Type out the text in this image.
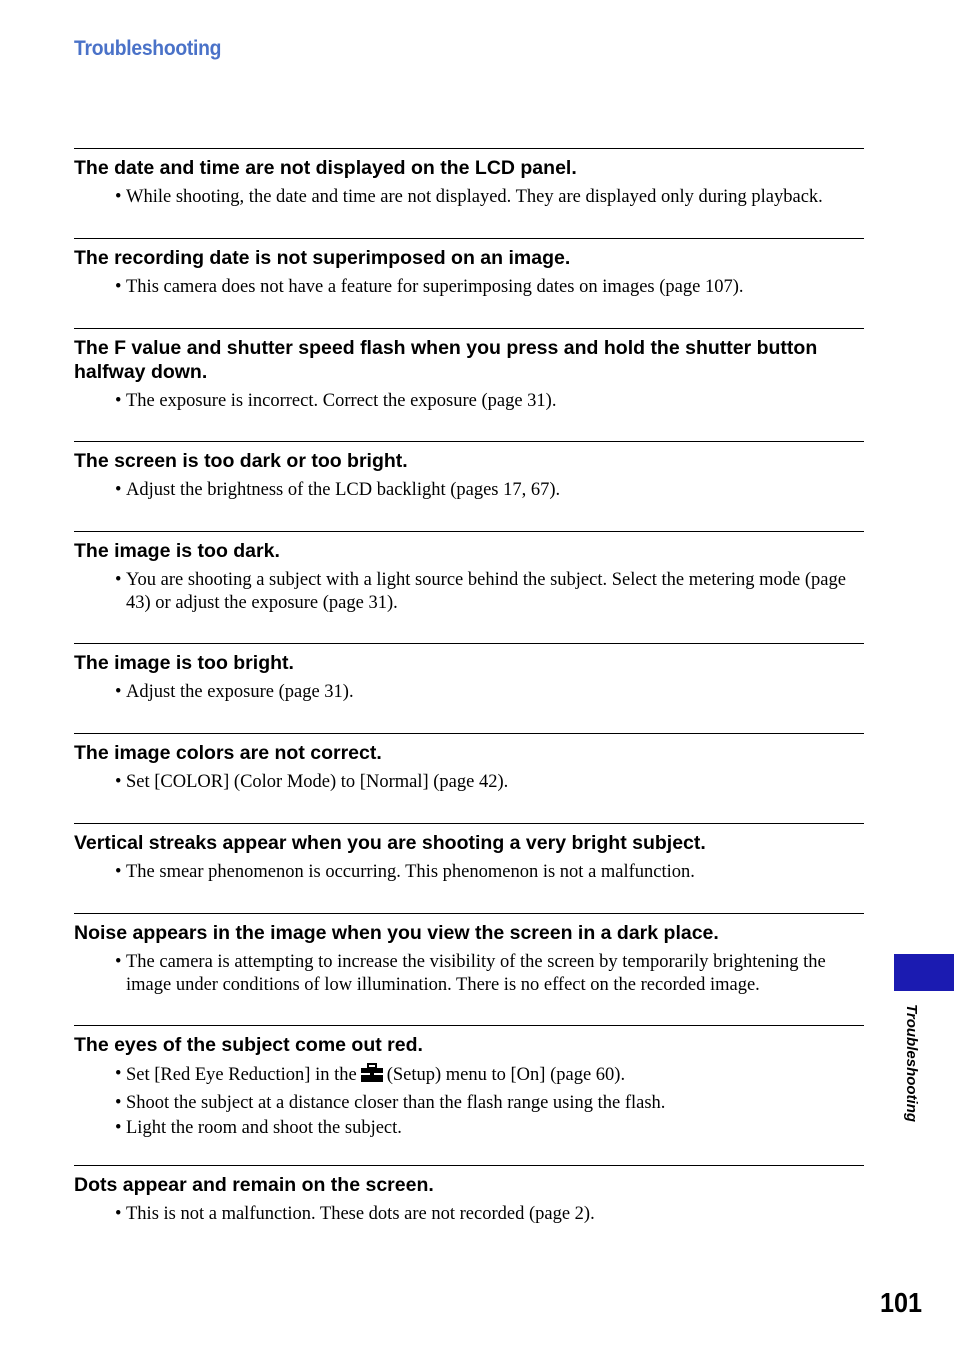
Troubleshooting
The date and time are not displayed on the LCD panel.
• While shooting, the date and time are not displayed. They are displayed only during playback.
The recording date is not superimposed on an image.
• This camera does not have a feature for superimposing dates on images (page 107).
The F value and shutter speed flash when you press and hold the shutter button halfway down.
• The exposure is incorrect. Correct the exposure (page 31).
The screen is too dark or too bright.
• Adjust the brightness of the LCD backlight (pages 17, 67).
The image is too dark.
• You are shooting a subject with a light source behind the subject. Select the metering mode (page 43) or adjust the exposure (page 31).
The image is too bright.
• Adjust the exposure (page 31).
The image colors are not correct.
• Set [COLOR] (Color Mode) to [Normal] (page 42).
Vertical streaks appear when you are shooting a very bright subject.
• The smear phenomenon is occurring. This phenomenon is not a malfunction.
Noise appears in the image when you view the screen in a dark place.
• The camera is attempting to increase the visibility of the screen by temporarily brightening the image under conditions of low illumination. There is no effect on the recorded image.
The eyes of the subject come out red.
• Set [Red Eye Reduction] in the (Setup) menu to [On] (page 60).
• Shoot the subject at a distance closer than the flash range using the flash.
• Light the room and shoot the subject.
Dots appear and remain on the screen.
• This is not a malfunction. These dots are not recorded (page 2).
Troubleshooting
101
